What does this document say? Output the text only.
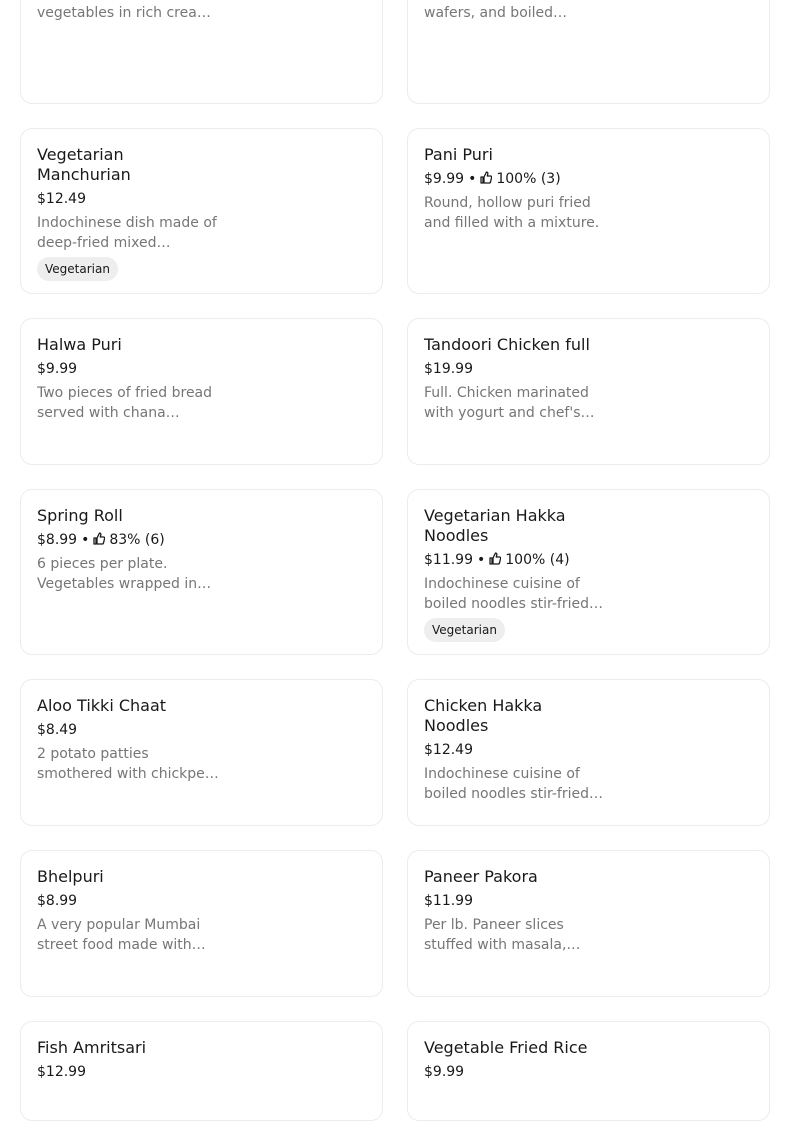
vegetables in rich creamy	wafers, and boiled
Vegetarian Manchurian
$12.49
Indochinese dish made of deep-fried mixed
Vegetarian
Pani Puri
$9.99 • 100% (3)
Round, hollow puri fried and filled with a mixture.
Halwa Puri
$9.99
Two pieces of fried bread served with chana
Tandoori Chicken full
$19.99
Full. Chicken marinated with yogurt and chef's
Spring Roll
$8.99 • 83% (6)
6 pieces per plate. Vegetables wrapped in
Vegetarian Hakka Noodles
$11.99 • 100% (4)
Indochinese cuisine of boiled noodles stir-fried
Vegetarian
Aloo Tikki Chaat
$8.49
2 potato patties smothered with chickpeas
Chicken Hakka Noodles
$12.49
Indochinese cuisine of boiled noodles stir-fried
Bhelpuri
$8.99
A very popular Mumbai street food made with
Paneer Pakora
$11.99
Per lb. Paneer slices stuffed with masala,
Fish Amritsari
$12.99
Vegetable Fried Rice
$9.99
